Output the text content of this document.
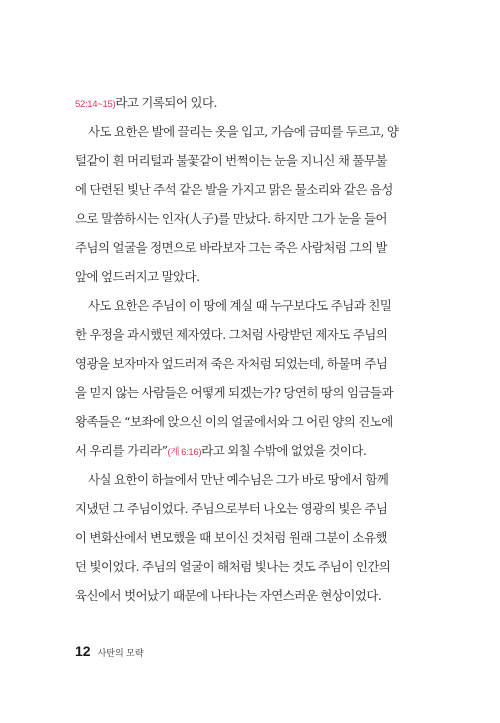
52:14~15)라고 기록되어 있다.
사도 요한은 발에 끌리는 옷을 입고, 가슴에 금띠를 두르고, 양
털같이 흰 머리털과 불꽃같이 번쩍이는 눈을 지니신 채 풀무불
에 단련된 빛난 주석 같은 발을 가지고 맑은 물소리와 같은 음성
으로 말씀하시는 인자(人子)를 만났다. 하지만 그가 눈을 들어
주님의 얼굴을 정면으로 바라보자 그는 죽은 사람처럼 그의 발
앞에 엎드러지고 말았다.
사도 요한은 주님이 이 땅에 계실 때 누구보다도 주님과 친밀
한 우정을 과시했던 제자였다. 그처럼 사랑받던 제자도 주님의
영광을 보자마자 엎드러져 죽은 자처럼 되었는데, 하물며 주님
을 믿지 않는 사람들은 어떻게 되겠는가? 당연히 땅의 임금들과
왕족들은 “보좌에 앉으신 이의 얼굴에서와 그 어린 양의 진노에
서 우리를 가리라”(계 6:16)라고 외칠 수밖에 없었을 것이다.
사실 요한이 하늘에서 만난 예수님은 그가 바로 땅에서 함께
지냈던 그 주님이었다. 주님으로부터 나오는 영광의 빛은 주님
이 변화산에서 변모했을 때 보이신 것처럼 원래 그분이 소유했
던 빛이었다. 주님의 얼굴이 해처럼 빛나는 것도 주님이 인간의
육신에서 벗어났기 때문에 나타나는 자연스러운 현상이었다.
12 사탄의 모략
